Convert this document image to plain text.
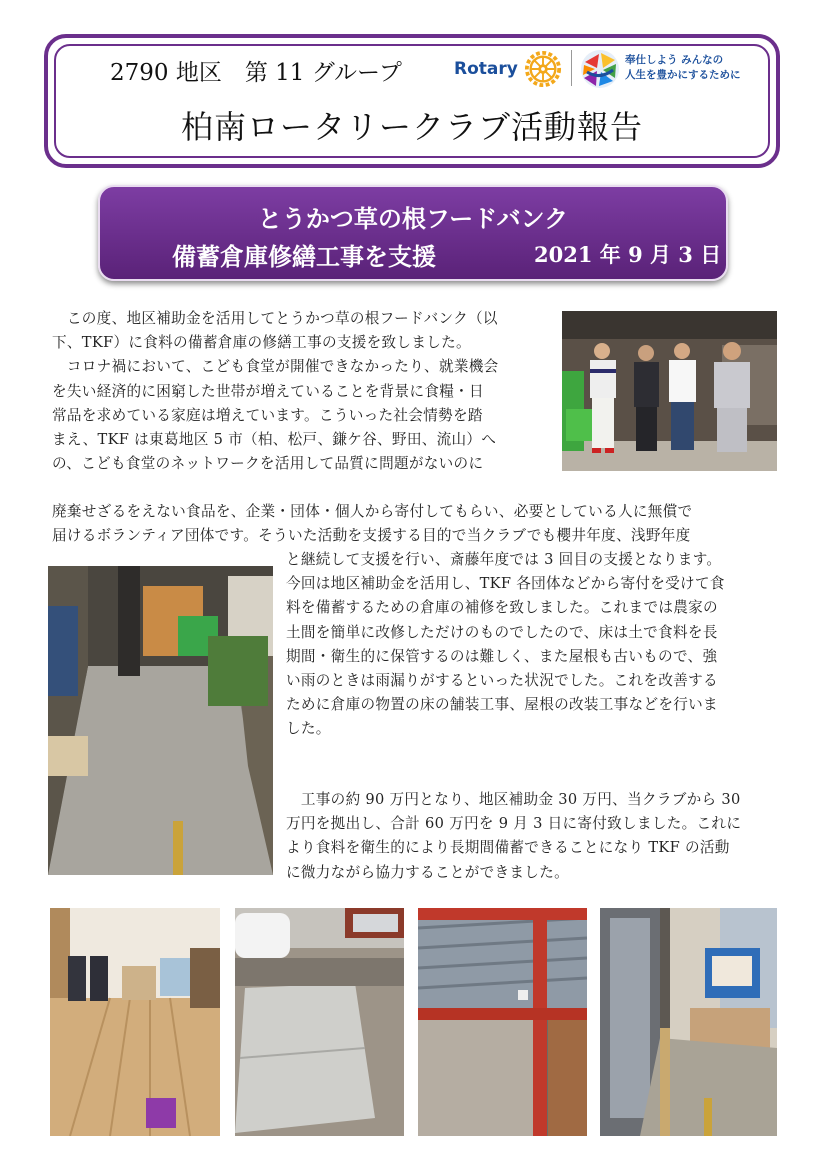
2790 地区　第 11 グループ	Rotary	奉仕しよう みんなの
人生を豊かにするために
柏南ロータリークラブ活動報告
とうかつ草の根フードバンク
備蓄倉庫修繕工事を支援	2021 年 9 月 3 日

　この度、地区補助金を活用してとうかつ草の根フードバンク（以
下、TKF）に食料の備蓄倉庫の修繕工事の支援を致しました。
　コロナ禍において、こども食堂が開催できなかったり、就業機会
を失い経済的に困窮した世帯が増えていることを背景に食糧・日
常品を求めている家庭は増えています。こういった社会情勢を踏
まえ、TKF は東葛地区 5 市（柏、松戸、鎌ケ谷、野田、流山）へ
の、こども食堂のネットワークを活用して品質に問題がないのに

廃棄せざるをえない食品を、企業・団体・個人から寄付してもらい、必要としている人に無償で
届けるボランティア団体です。そういた活動を支援する目的で当クラブでも櫻井年度、浅野年度

と継続して支援を行い、斎藤年度では 3 回目の支援となります。
今回は地区補助金を活用し、TKF 各団体などから寄付を受けて食
料を備蓄するための倉庫の補修を致しました。これまでは農家の
土間を簡単に改修しただけのものでしたので、床は土で食料を長
期間・衛生的に保管するのは難しく、また屋根も古いもので、強
い雨のときは雨漏りがするといった状況でした。これを改善する
ために倉庫の物置の床の舗装工事、屋根の改装工事などを行いま
した。

　工事の約 90 万円となり、地区補助金 30 万円、当クラブから 30
万円を拠出し、合計 60 万円を 9 月 3 日に寄付致しました。これに
より食料を衛生的により長期間備蓄できることになり TKF の活動
に微力ながら協力することができました。
